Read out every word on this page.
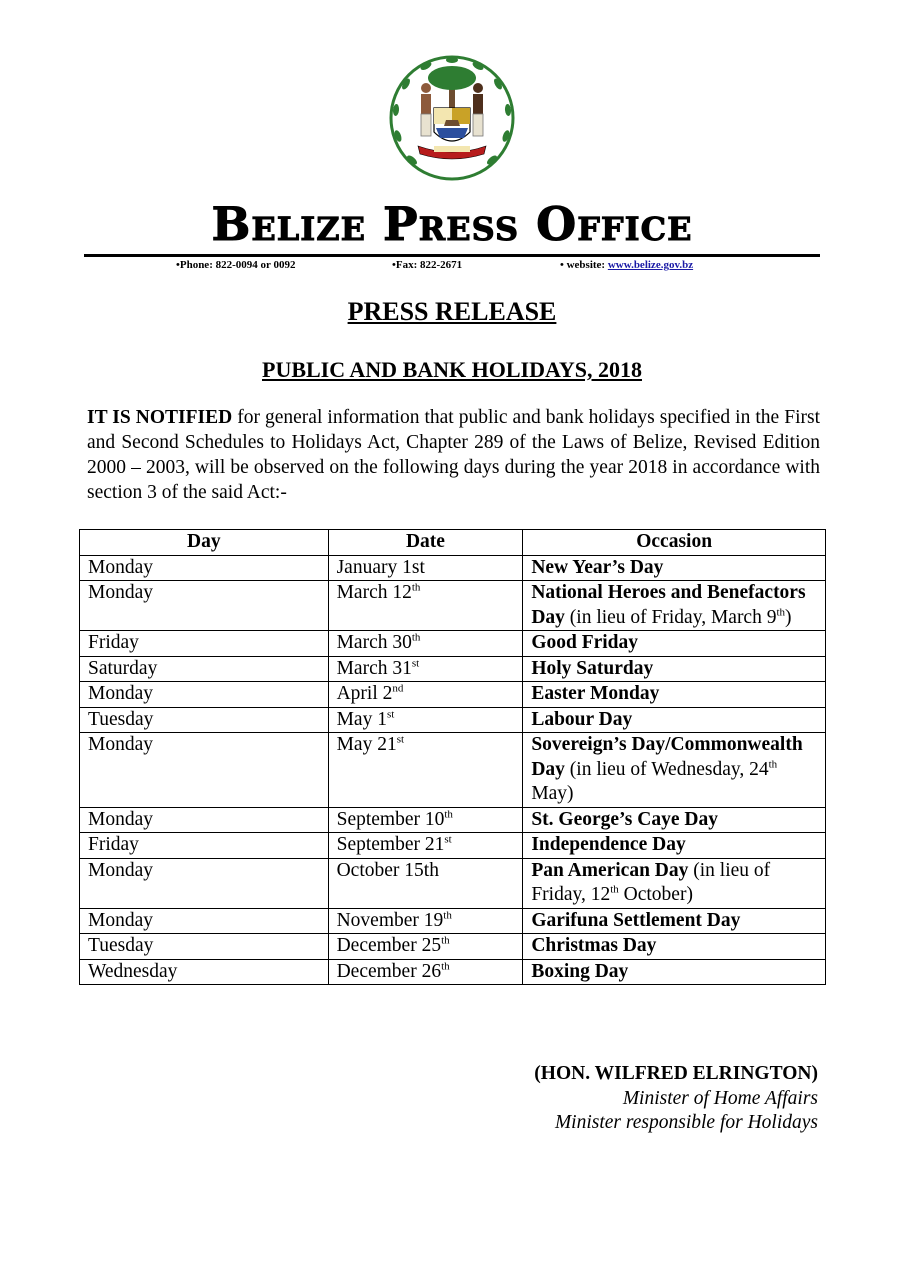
Belize Press Office
•Phone: 822-0094 or 0092	•Fax: 822-2671	• website: www.belize.gov.bz
PRESS RELEASE
PUBLIC AND BANK HOLIDAYS, 2018

IT IS NOTIFIED for general information that public and bank holidays specified in the First and Second Schedules to Holidays Act, Chapter 289 of the Laws of Belize, Revised Edition 2000 – 2003, will be observed on the following days during the year 2018 in accordance with section 3 of the said Act:-

Day	Date	Occasion
Monday	January 1st	New Year’s Day
Monday	March 12th	National Heroes and Benefactors Day (in lieu of Friday, March 9th)
Friday	March 30th	Good Friday
Saturday	March 31st	Holy Saturday
Monday	April 2nd	Easter Monday
Tuesday	May 1st	Labour Day
Monday	May 21st	Sovereign’s Day/Commonwealth Day (in lieu of Wednesday, 24th May)
Monday	September 10th	St. George’s Caye Day
Friday	September 21st	Independence Day
Monday	October 15th	Pan American Day (in lieu of Friday, 12th October)
Monday	November 19th	Garifuna Settlement Day
Tuesday	December 25th	Christmas Day
Wednesday	December 26th	Boxing Day
(HON. WILFRED ELRINGTON)
Minister of Home Affairs
Minister responsible for Holidays
